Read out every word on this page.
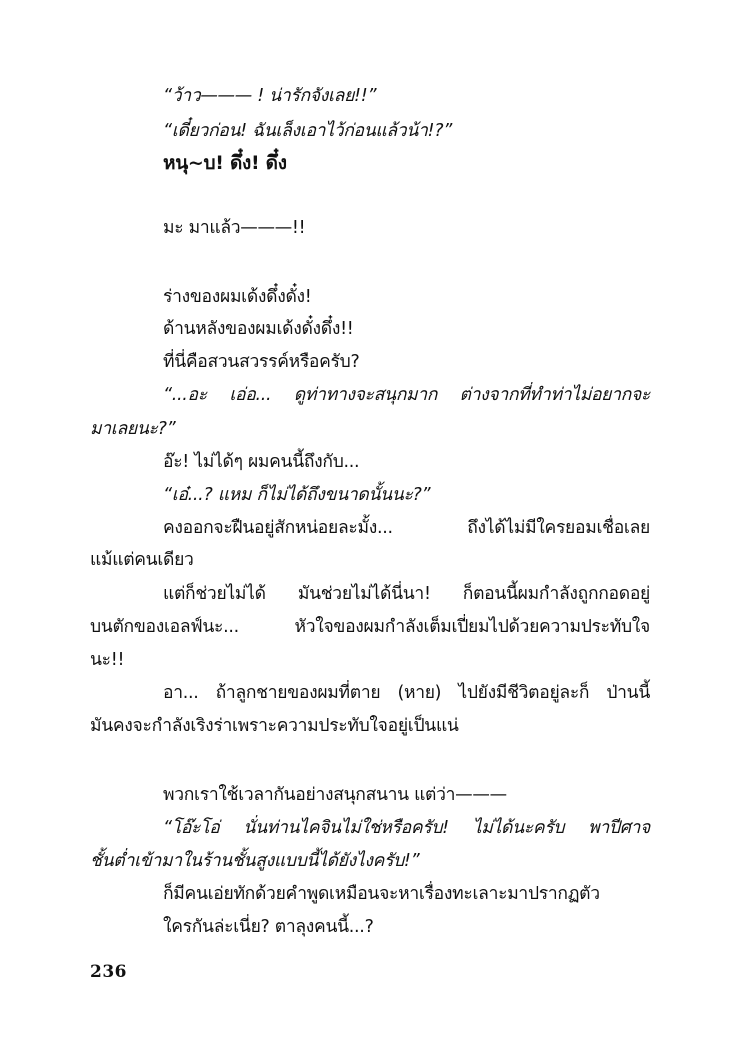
“ว้าว——— ! น่ารักจังเลย!!”
“เดี๋ยวก่อน! ฉันเล็งเอาไว้ก่อนแล้วน้า!?”
หนุ~บ! ดึ๋ง! ดึ๋ง
มะ มาแล้ว———!!
ร่างของผมเด้งดึ๋งดั๋ง!
ด้านหลังของผมเด้งดั๋งดึ๋ง!!
ที่นี่คือสวนสวรรค์หรือครับ?
“...อะ เอ่อ... ดูท่าทางจะสนุกมาก ต่างจากที่ทำท่าไม่อยากจะ
มาเลยนะ?”
อ๊ะ! ไม่ได้ๆ ผมคนนี้ถึงกับ...
“เอ๋...? แหม ก็ไม่ได้ถึงขนาดนั้นนะ?”
คงออกจะฝืนอยู่สักหน่อยละมั้ง... ถึงได้ไม่มีใครยอมเชื่อเลย
แม้แต่คนเดียว
แต่ก็ช่วยไม่ได้ มันช่วยไม่ได้นี่นา! ก็ตอนนี้ผมกำลังถูกกอดอยู่
บนตักของเอลฟ์นะ... หัวใจของผมกำลังเต็มเปี่ยมไปด้วยความประทับใจ
นะ!!
อา... ถ้าลูกชายของผมที่ตาย (หาย) ไปยังมีชีวิตอยู่ละก็ ป่านนี้
มันคงจะกำลังเริงร่าเพราะความประทับใจอยู่เป็นแน่
พวกเราใช้เวลากันอย่างสนุกสนาน แต่ว่า———
“โอ๊ะโอ่ นั่นท่านไคจินไม่ใช่หรือครับ! ไม่ได้นะครับ พาปีศาจ
ชั้นต่ำเข้ามาในร้านชั้นสูงแบบนี้ได้ยังไงครับ!”
ก็มีคนเอ่ยทักด้วยคำพูดเหมือนจะหาเรื่องทะเลาะมาปรากฏตัว
ใครกันล่ะเนี่ย? ตาลุงคนนี้...?
236
